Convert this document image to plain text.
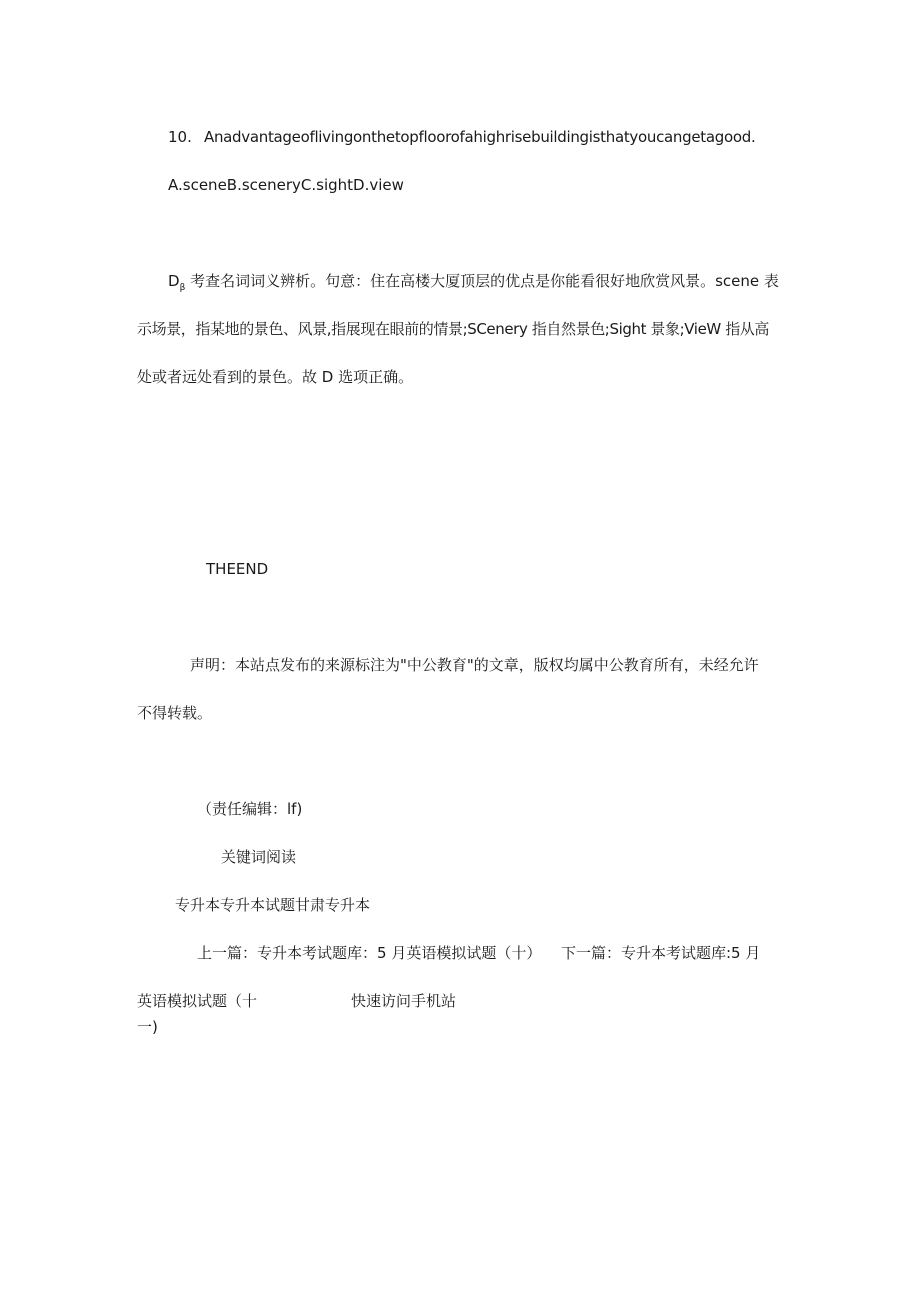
10. Anadvantageoflivingonthetopfloorofahighrisebuildingisthatyoucangetagood.
A.sceneB.sceneryC.sightD.view
$D_\beta$ 考查名词词义辨析。句意：住在高楼大厦顶层的优点是你能看很好地欣赏风景。scene 表
示场景，指某地的景色、风景,指展现在眼前的情景;SCenery 指自然景色;Sight 景象;VieW 指从高
处或者远处看到的景色。故 D 选项正确。
THEEND
声明：本站点发布的来源标注为"中公教育"的文章，版权均属中公教育所有，未经允许
不得转载。
（责任编辑：lf)
关键词阅读
专升本专升本试题甘肃专升本
上一篇：专升本考试题库：5 月英语模拟试题（十） 下一篇：专升本考试题库:5 月
英语模拟试题（十
一)
快速访问手机站
